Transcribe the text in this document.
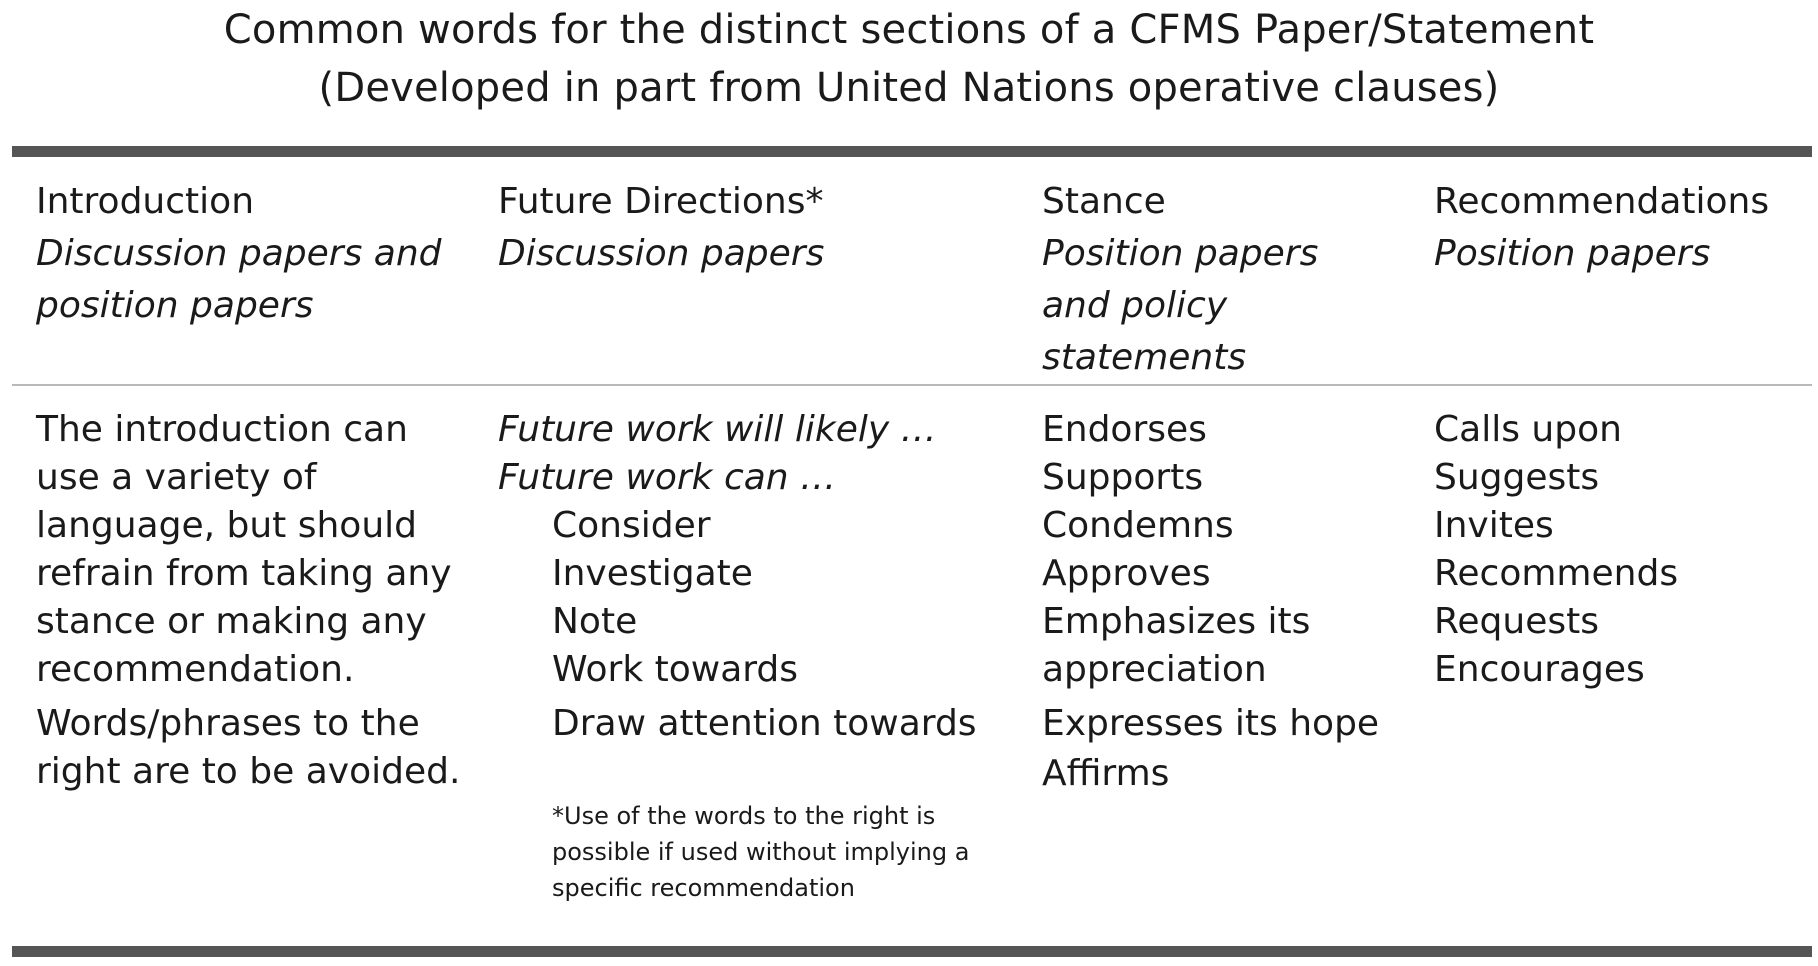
Common words for the distinct sections of a CFMS Paper/Statement
(Developed in part from United Nations operative clauses)
Introduction
Discussion papers and
position papers
Future Directions*
Discussion papers
Stance
Position papers
and policy
statements
Recommendations
Position papers
The introduction can
use a variety of
language, but should
refrain from taking any
stance or making any
recommendation.
Words/phrases to the
right are to be avoided.
Future work will likely …
Future work can …
Consider
Investigate
Note
Work towards
Draw attention towards
Endorses
Supports
Condemns
Approves
Emphasizes its
appreciation
Expresses its hope
Affirms
Calls upon
Suggests
Invites
Recommends
Requests
Encourages
*Use of the words to the right is
possible if used without implying a
specific recommendation
